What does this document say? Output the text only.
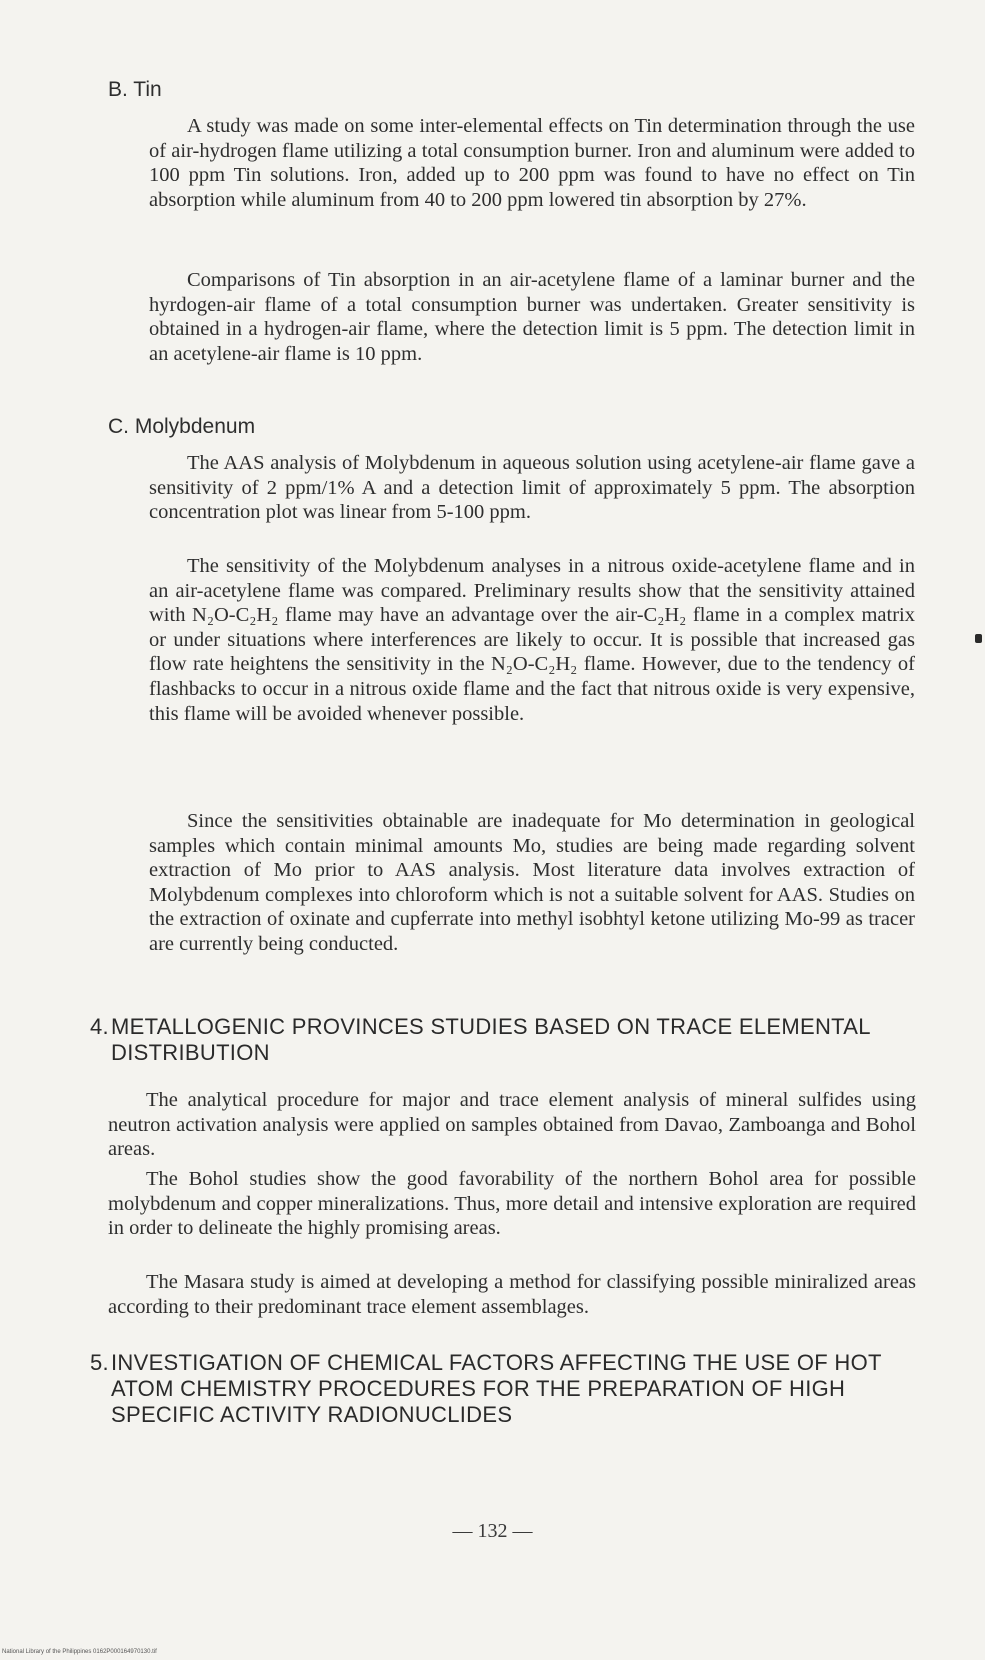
B. Tin

A study was made on some inter-elemental effects on Tin determination through the use of air-hydrogen flame utilizing a total consumption burner. Iron and aluminum were added to 100 ppm Tin solutions. Iron, added up to 200 ppm was found to have no effect on Tin absorption while aluminum from 40 to 200 ppm lowered tin absorption by 27%.

Comparisons of Tin absorption in an air-acetylene flame of a laminar burner and the hyrdogen-air flame of a total consumption burner was undertaken. Greater sensitivity is obtained in a hydrogen-air flame, where the detection limit is 5 ppm. The detection limit in an acetylene-air flame is 10 ppm.

C. Molybdenum

The AAS analysis of Molybdenum in aqueous solution using acetylene-air flame gave a sensitivity of 2 ppm/1% A and a detection limit of approximately 5 ppm. The absorption concentration plot was linear from 5-100 ppm.

The sensitivity of the Molybdenum analyses in a nitrous oxide-acetylene flame and in an air-acetylene flame was compared. Preliminary results show that the sensitivity attained with N₂O-C₂H₂ flame may have an advantage over the air-C₂H₂ flame in a complex matrix or under situations where interferences are likely to occur. It is possible that increased gas flow rate heightens the sensitivity in the N₂O-C₂H₂ flame. However, due to the tendency of flashbacks to occur in a nitrous oxide flame and the fact that nitrous oxide is very expensive, this flame will be avoided whenever possible.

Since the sensitivities obtainable are inadequate for Mo determination in geological samples which contain minimal amounts Mo, studies are being made regarding solvent extraction of Mo prior to AAS analysis. Most literature data involves extraction of Molybdenum complexes into chloroform which is not a suitable solvent for AAS. Studies on the extraction of oxinate and cupferrate into methyl isobhtyl ketone utilizing Mo-99 as tracer are currently being conducted.

4. METALLOGENIC PROVINCES STUDIES BASED ON TRACE ELEMENTAL DISTRIBUTION

The analytical procedure for major and trace element analysis of mineral sulfides using neutron activation analysis were applied on samples obtained from Davao, Zamboanga and Bohol areas.

The Bohol studies show the good favorability of the northern Bohol area for possible molybdenum and copper mineralizations. Thus, more detail and intensive exploration are required in order to delineate the highly promising areas.

The Masara study is aimed at developing a method for classifying possible miniralized areas according to their predominant trace element assemblages.

5. INVESTIGATION OF CHEMICAL FACTORS AFFECTING THE USE OF HOT ATOM CHEMISTRY PROCEDURES FOR THE PREPARATION OF HIGH SPECIFIC ACTIVITY RADIONUCLIDES
— 132 —
National Library of the Philippines 0162P000164970130.tif
